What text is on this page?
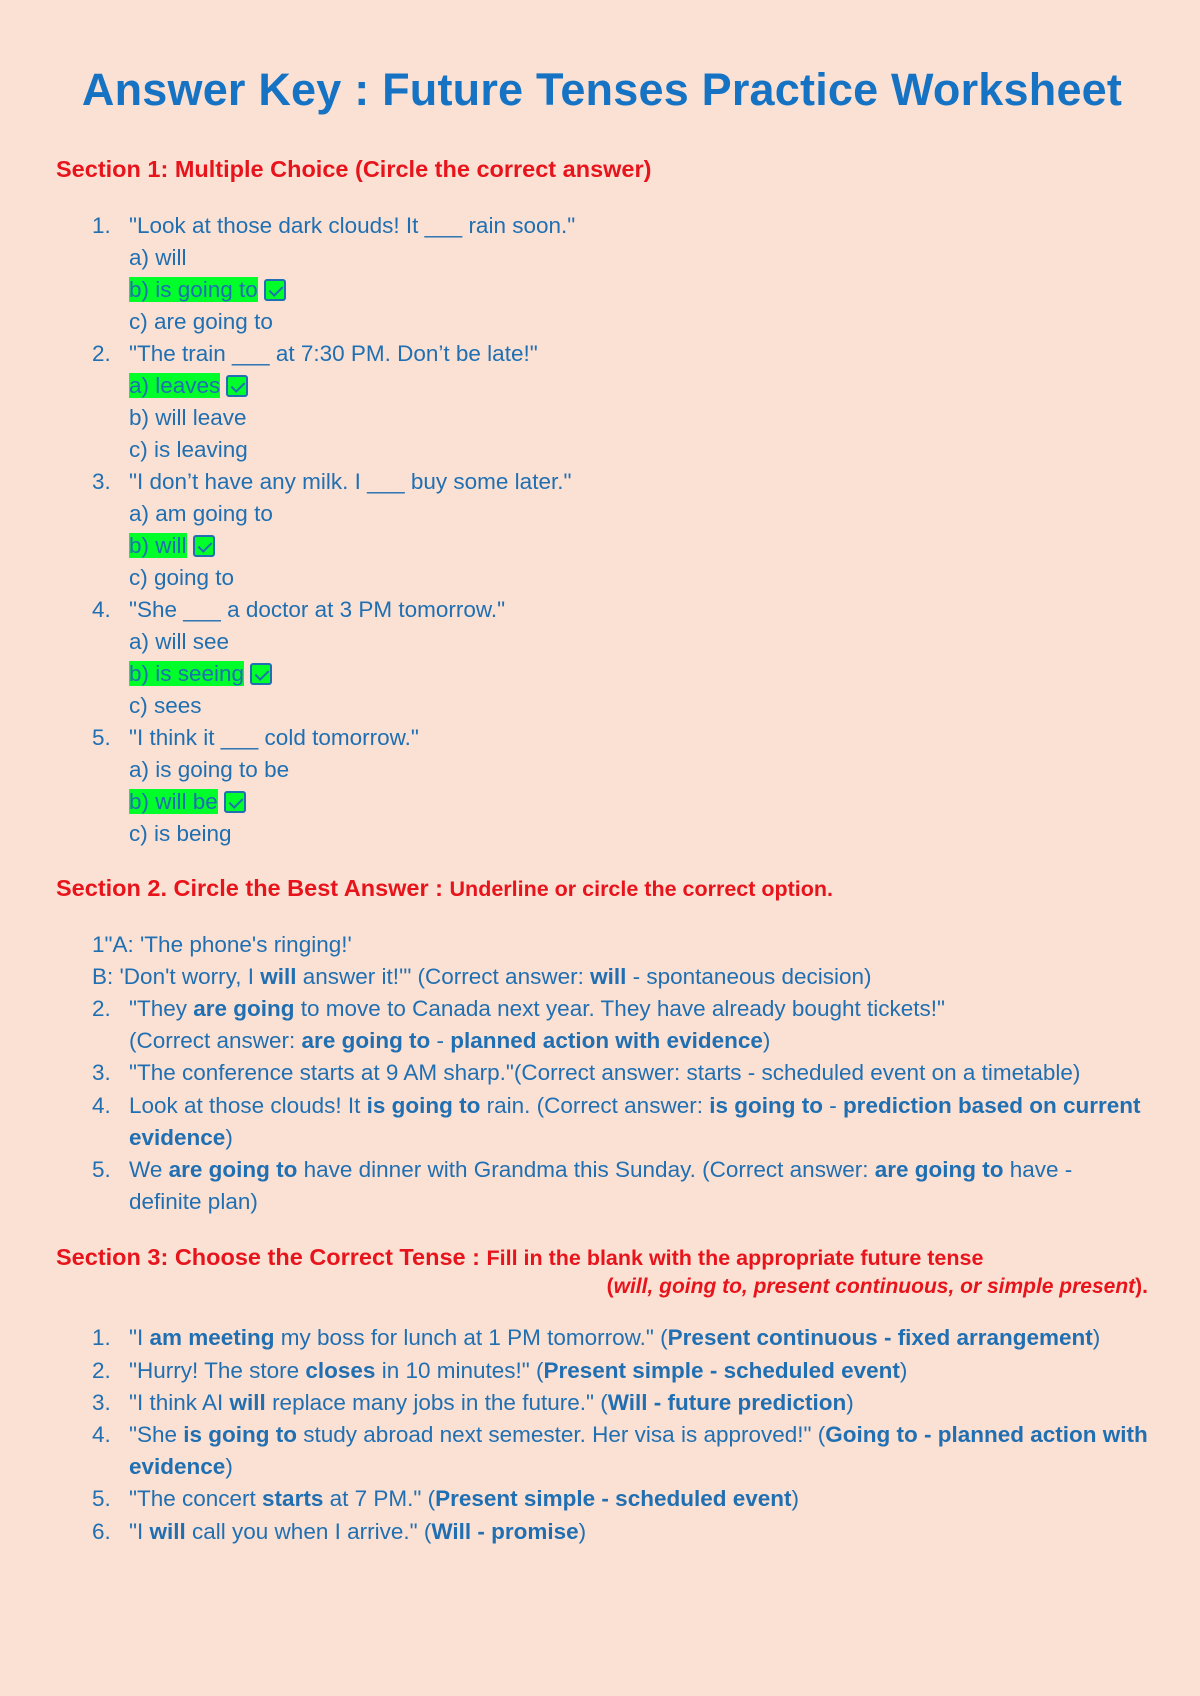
Answer Key : Future Tenses Practice Worksheet
Section 1: Multiple Choice (Circle the correct answer)
1. "Look at those dark clouds! It ___ rain soon."
a) will
b) is going to
c) are going to
2. "The train ___ at 7:30 PM. Don’t be late!"
a) leaves
b) will leave
c) is leaving
3. "I don’t have any milk. I ___ buy some later."
a) am going to
b) will
c) going to
4. "She ___ a doctor at 3 PM tomorrow."
a) will see
b) is seeing
c) sees
5. "I think it ___ cold tomorrow."
a) is going to be
b) will be
c) is being
Section 2. Circle the Best Answer : Underline or circle the correct option.
1"A: 'The phone's ringing!'
B: 'Don't worry, I will answer it!'" (Correct answer: will - spontaneous decision)
2. "They are going to move to Canada next year. They have already bought tickets!"
(Correct answer: are going to - planned action with evidence)
3. "The conference starts at 9 AM sharp."(Correct answer: starts - scheduled event on a timetable)
4. Look at those clouds! It is going to rain. (Correct answer: is going to - prediction based on current evidence)
5. We are going to have dinner with Grandma this Sunday. (Correct answer: are going to have - definite plan)
Section 3: Choose the Correct Tense : Fill in the blank with the appropriate future tense
(will, going to, present continuous, or simple present).
1. "I am meeting my boss for lunch at 1 PM tomorrow." (Present continuous - fixed arrangement)
2. "Hurry! The store closes in 10 minutes!" (Present simple - scheduled event)
3. "I think AI will replace many jobs in the future." (Will - future prediction)
4. "She is going to study abroad next semester. Her visa is approved!" (Going to - planned action with evidence)
5. "The concert starts at 7 PM." (Present simple - scheduled event)
6. "I will call you when I arrive." (Will - promise)
